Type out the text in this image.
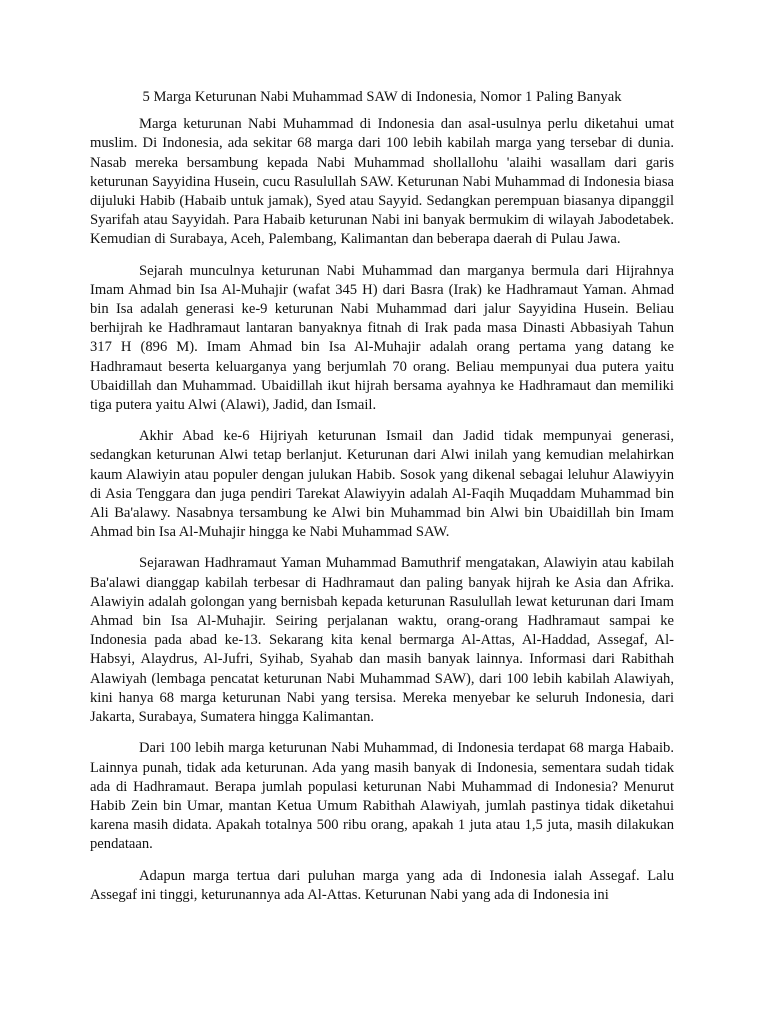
5 Marga Keturunan Nabi Muhammad SAW di Indonesia, Nomor 1 Paling Banyak

Marga keturunan Nabi Muhammad di Indonesia dan asal-usulnya perlu diketahui umat muslim. Di Indonesia, ada sekitar 68 marga dari 100 lebih kabilah marga yang tersebar di dunia. Nasab mereka bersambung kepada Nabi Muhammad shollallohu 'alaihi wasallam dari garis keturunan Sayyidina Husein, cucu Rasulullah SAW. Keturunan Nabi Muhammad di Indonesia biasa dijuluki Habib (Habaib untuk jamak), Syed atau Sayyid. Sedangkan perempuan biasanya dipanggil Syarifah atau Sayyidah. Para Habaib keturunan Nabi ini banyak bermukim di wilayah Jabodetabek. Kemudian di Surabaya, Aceh, Palembang, Kalimantan dan beberapa daerah di Pulau Jawa.

Sejarah munculnya keturunan Nabi Muhammad dan marganya bermula dari Hijrahnya Imam Ahmad bin Isa Al-Muhajir (wafat 345 H) dari Basra (Irak) ke Hadhramaut Yaman. Ahmad bin Isa adalah generasi ke-9 keturunan Nabi Muhammad dari jalur Sayyidina Husein. Beliau berhijrah ke Hadhramaut lantaran banyaknya fitnah di Irak pada masa Dinasti Abbasiyah Tahun 317 H (896 M). Imam Ahmad bin Isa Al-Muhajir adalah orang pertama yang datang ke Hadhramaut beserta keluarganya yang berjumlah 70 orang. Beliau mempunyai dua putera yaitu Ubaidillah dan Muhammad. Ubaidillah ikut hijrah bersama ayahnya ke Hadhramaut dan memiliki tiga putera yaitu Alwi (Alawi), Jadid, dan Ismail.

Akhir Abad ke-6 Hijriyah keturunan Ismail dan Jadid tidak mempunyai generasi, sedangkan keturunan Alwi tetap berlanjut. Keturunan dari Alwi inilah yang kemudian melahirkan kaum Alawiyin atau populer dengan julukan Habib. Sosok yang dikenal sebagai leluhur Alawiyyin di Asia Tenggara dan juga pendiri Tarekat Alawiyyin adalah Al-Faqih Muqaddam Muhammad bin Ali Ba'alawy. Nasabnya tersambung ke Alwi bin Muhammad bin Alwi bin Ubaidillah bin Imam Ahmad bin Isa Al-Muhajir hingga ke Nabi Muhammad SAW.

Sejarawan Hadhramaut Yaman Muhammad Bamuthrif mengatakan, Alawiyin atau kabilah Ba'alawi dianggap kabilah terbesar di Hadhramaut dan paling banyak hijrah ke Asia dan Afrika. Alawiyin adalah golongan yang bernisbah kepada keturunan Rasulullah lewat keturunan dari Imam Ahmad bin Isa Al-Muhajir. Seiring perjalanan waktu, orang-orang Hadhramaut sampai ke Indonesia pada abad ke-13. Sekarang kita kenal bermarga Al-Attas, Al-Haddad, Assegaf, Al-Habsyi, Alaydrus, Al-Jufri, Syihab, Syahab dan masih banyak lainnya. Informasi dari Rabithah Alawiyah (lembaga pencatat keturunan Nabi Muhammad SAW), dari 100 lebih kabilah Alawiyah, kini hanya 68 marga keturunan Nabi yang tersisa. Mereka menyebar ke seluruh Indonesia, dari Jakarta, Surabaya, Sumatera hingga Kalimantan.

Dari 100 lebih marga keturunan Nabi Muhammad, di Indonesia terdapat 68 marga Habaib. Lainnya punah, tidak ada keturunan. Ada yang masih banyak di Indonesia, sementara sudah tidak ada di Hadhramaut. Berapa jumlah populasi keturunan Nabi Muhammad di Indonesia? Menurut Habib Zein bin Umar, mantan Ketua Umum Rabithah Alawiyah, jumlah pastinya tidak diketahui karena masih didata. Apakah totalnya 500 ribu orang, apakah 1 juta atau 1,5 juta, masih dilakukan pendataan.

Adapun marga tertua dari puluhan marga yang ada di Indonesia ialah Assegaf. Lalu Assegaf ini tinggi, keturunannya ada Al-Attas. Keturunan Nabi yang ada di Indonesia ini
